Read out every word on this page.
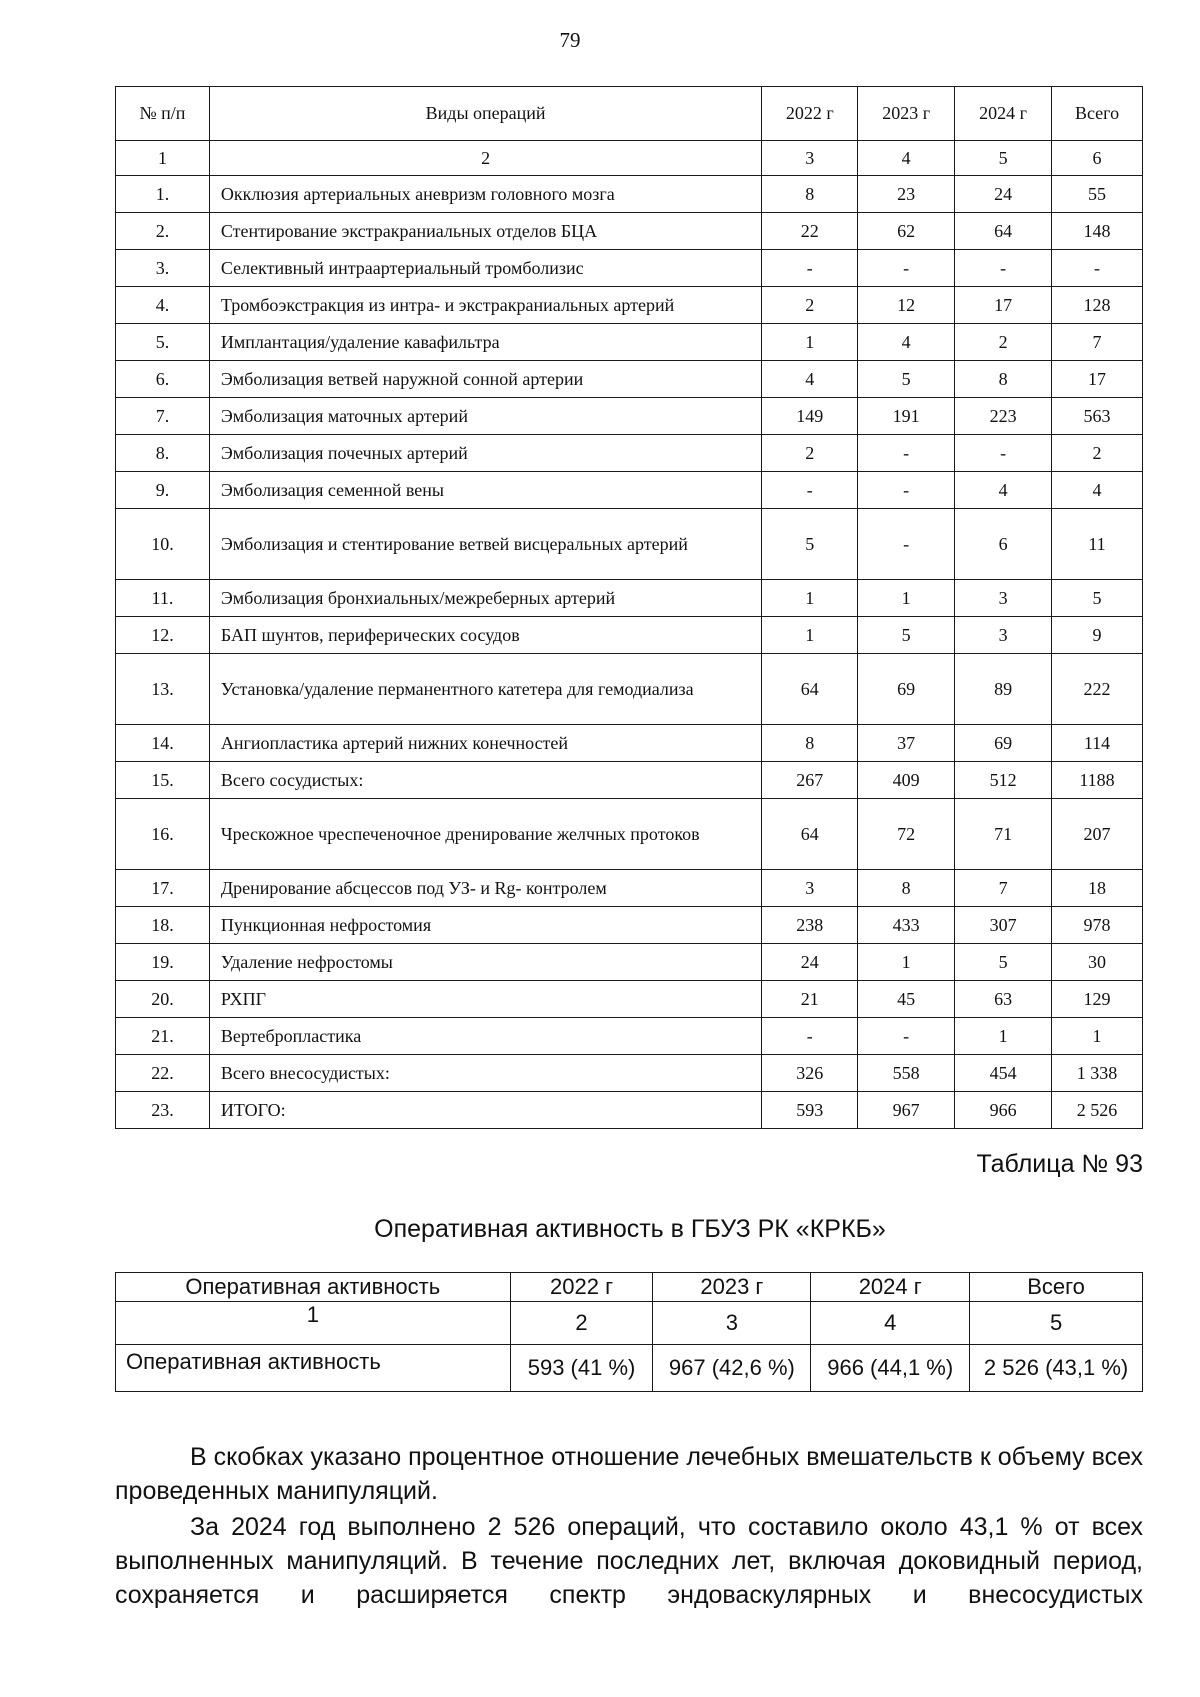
79
№ п/п	Виды операций	2022 г	2023 г	2024 г	Всего
1	2	3	4	5	6
1.	Окклюзия артериальных аневризм головного мозга	8	23	24	55
2.	Стентирование экстракраниальных отделов БЦА	22	62	64	148
3.	Селективный интраартериальный тромболизис	-	-	-	-
4.	Тромбоэкстракция из интра- и экстракраниальных артерий	2	12	17	128
5.	Имплантация/удаление кавафильтра	1	4	2	7
6.	Эмболизация ветвей наружной сонной артерии	4	5	8	17
7.	Эмболизация маточных артерий	149	191	223	563
8.	Эмболизация почечных артерий	2	-	-	2
9.	Эмболизация семенной вены	-	-	4	4
10.	Эмболизация и стентирование ветвей висцеральных артерий	5	-	6	11
11.	Эмболизация бронхиальных/межреберных артерий	1	1	3	5
12.	БАП шунтов, периферических сосудов	1	5	3	9
13.	Установка/удаление перманентного катетера для гемодиализа	64	69	89	222
14.	Ангиопластика артерий нижних конечностей	8	37	69	114
15.	Всего сосудистых:	267	409	512	1188
16.	Чрескожное чреспеченочное дренирование желчных протоков	64	72	71	207
17.	Дренирование абсцессов под УЗ- и Rg- контролем	3	8	7	18
18.	Пункционная нефростомия	238	433	307	978
19.	Удаление нефростомы	24	1	5	30
20.	РХПГ	21	45	63	129
21.	Вертебропластика	-	-	1	1
22.	Всего внесосудистых:	326	558	454	1 338
23.	ИТОГО:	593	967	966	2 526
Таблица № 93
Оперативная активность в ГБУЗ РК «КРКБ»
Оперативная активность	2022 г	2023 г	2024 г	Всего
1	2	3	4	5
Оперативная активность	593 (41 %)	967 (42,6 %)	966 (44,1 %)	2 526 (43,1 %)

В скобках указано процентное отношение лечебных вмешательств к объему всех проведенных манипуляций.

За 2024 год выполнено 2 526 операций, что составило около 43,1 % от всех выполненных манипуляций. В течение последних лет, включая доковидный период, сохраняется и расширяется спектр эндоваскулярных и внесосудистых
